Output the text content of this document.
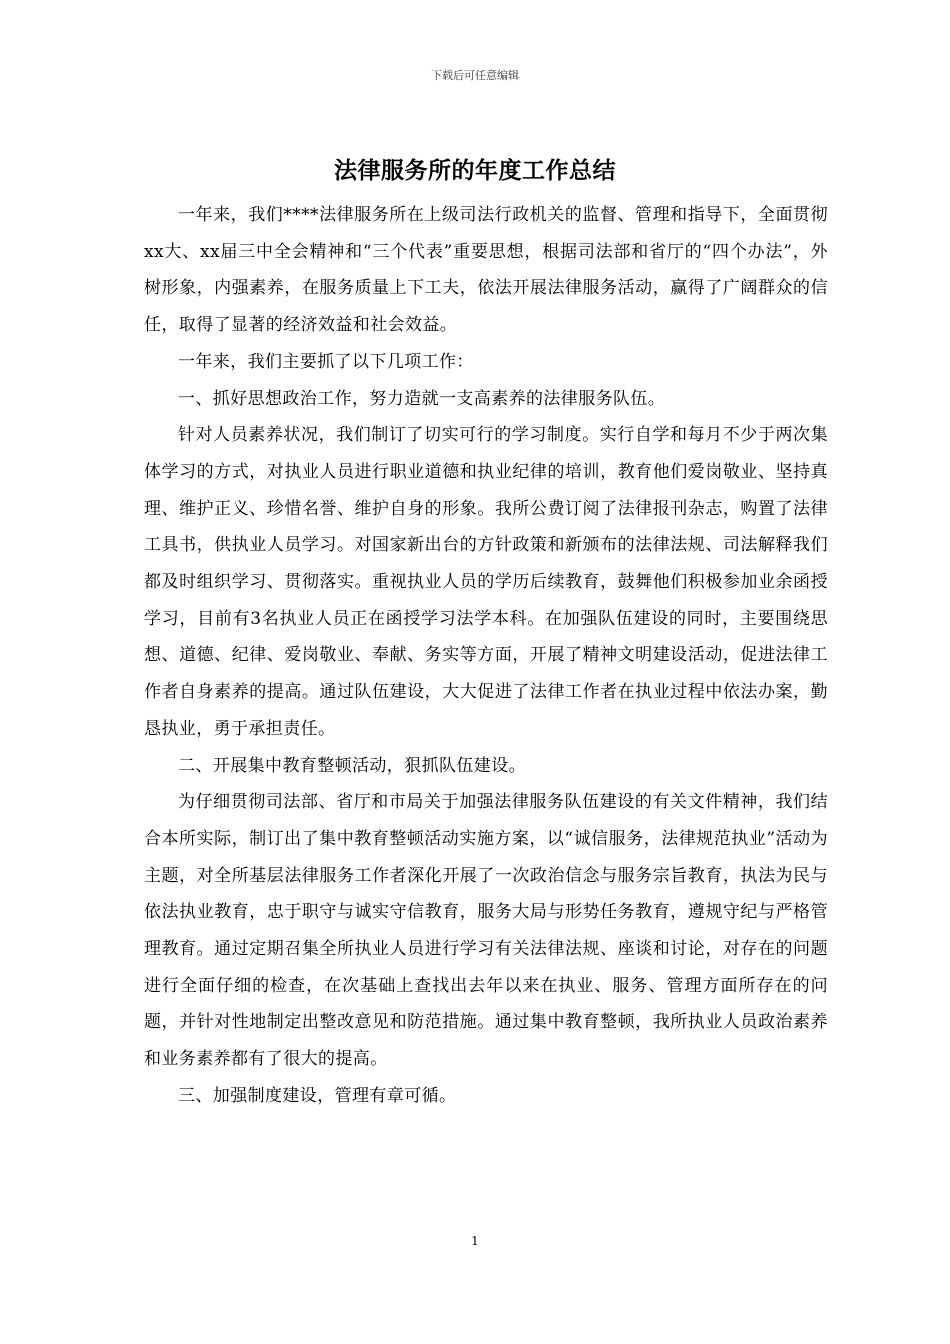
下载后可任意编辑
法律服务所的年度工作总结

一年来，我们****法律服务所在上级司法行政机关的监督、管理和指导下，全面贯彻xx大、xx届三中全会精神和“三个代表”重要思想，根据司法部和省厅的“四个办法”，外树形象，内强素养，在服务质量上下工夫，依法开展法律服务活动，赢得了广阔群众的信任，取得了显著的经济效益和社会效益。

一年来，我们主要抓了以下几项工作：

一、抓好思想政治工作，努力造就一支高素养的法律服务队伍。

针对人员素养状况，我们制订了切实可行的学习制度。实行自学和每月不少于两次集体学习的方式，对执业人员进行职业道德和执业纪律的培训，教育他们爱岗敬业、坚持真理、维护正义、珍惜名誉、维护自身的形象。我所公费订阅了法律报刊杂志，购置了法律工具书，供执业人员学习。对国家新出台的方针政策和新颁布的法律法规、司法解释我们都及时组织学习、贯彻落实。重视执业人员的学历后续教育，鼓舞他们积极参加业余函授学习，目前有3名执业人员正在函授学习法学本科。在加强队伍建设的同时，主要围绕思想、道德、纪律、爱岗敬业、奉献、务实等方面，开展了精神文明建设活动，促进法律工作者自身素养的提高。通过队伍建设，大大促进了法律工作者在执业过程中依法办案，勤恳执业，勇于承担责任。

二、开展集中教育整顿活动，狠抓队伍建设。

为仔细贯彻司法部、省厅和市局关于加强法律服务队伍建设的有关文件精神，我们结合本所实际，制订出了集中教育整顿活动实施方案，以“诚信服务，法律规范执业”活动为主题，对全所基层法律服务工作者深化开展了一次政治信念与服务宗旨教育，执法为民与依法执业教育，忠于职守与诚实守信教育，服务大局与形势任务教育，遵规守纪与严格管理教育。通过定期召集全所执业人员进行学习有关法律法规、座谈和讨论，对存在的问题进行全面仔细的检查，在次基础上查找出去年以来在执业、服务、管理方面所存在的问题，并针对性地制定出整改意见和防范措施。通过集中教育整顿，我所执业人员政治素养和业务素养都有了很大的提高。

三、加强制度建设，管理有章可循。

1
